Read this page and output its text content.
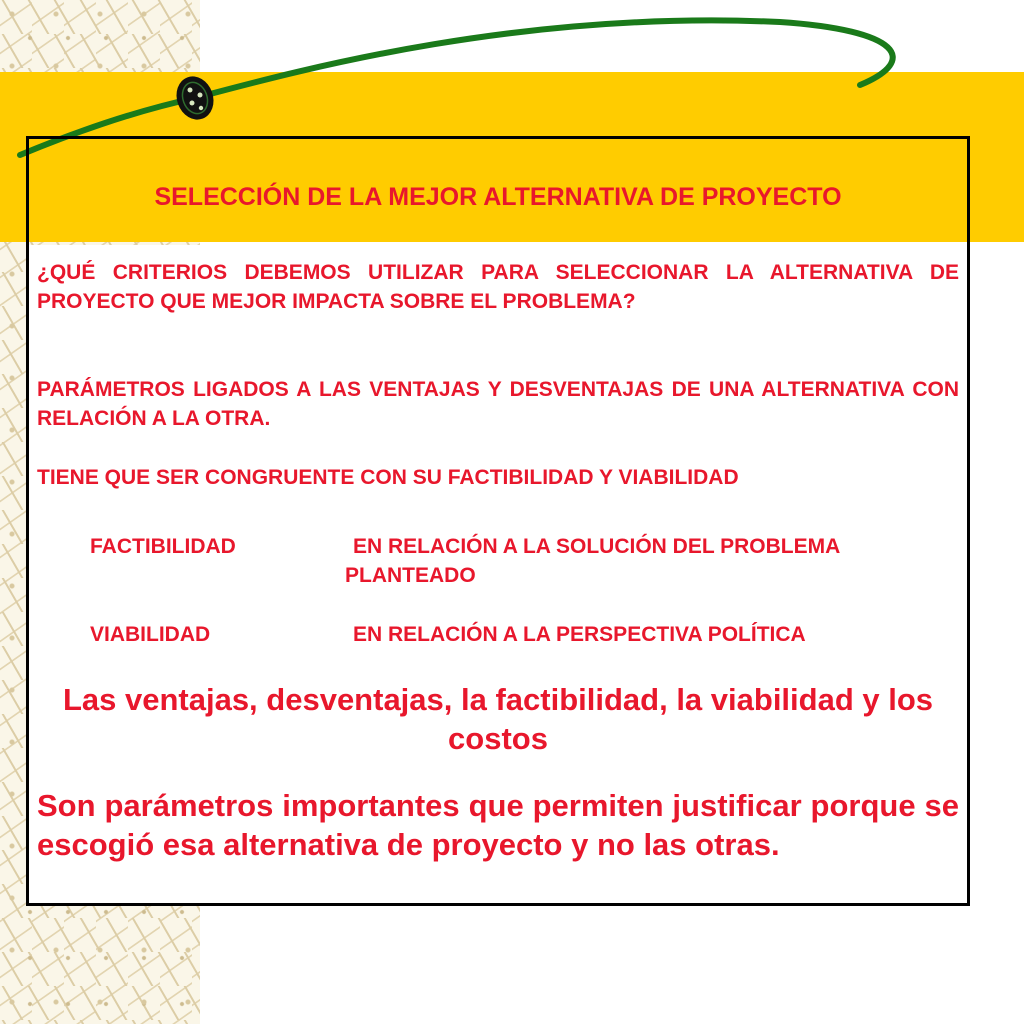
SELECCIÓN DE LA MEJOR ALTERNATIVA DE PROYECTO
¿QUÉ CRITERIOS DEBEMOS UTILIZAR PARA SELECCIONAR LA ALTERNATIVA DE PROYECTO QUE MEJOR IMPACTA SOBRE EL PROBLEMA?
PARÁMETROS LIGADOS A LAS VENTAJAS Y DESVENTAJAS DE UNA ALTERNATIVA CON RELACIÓN A LA OTRA.
TIENE QUE SER CONGRUENTE CON SU FACTIBILIDAD Y VIABILIDAD
FACTIBILIDAD	EN RELACIÓN A LA SOLUCIÓN DEL PROBLEMA
PLANTEADO
VIABILIDAD	EN RELACIÓN A LA PERSPECTIVA POLÍTICA
Las ventajas, desventajas, la factibilidad, la viabilidad y los costos
Son parámetros importantes que permiten justificar porque se escogió esa alternativa de proyecto y no las otras.
